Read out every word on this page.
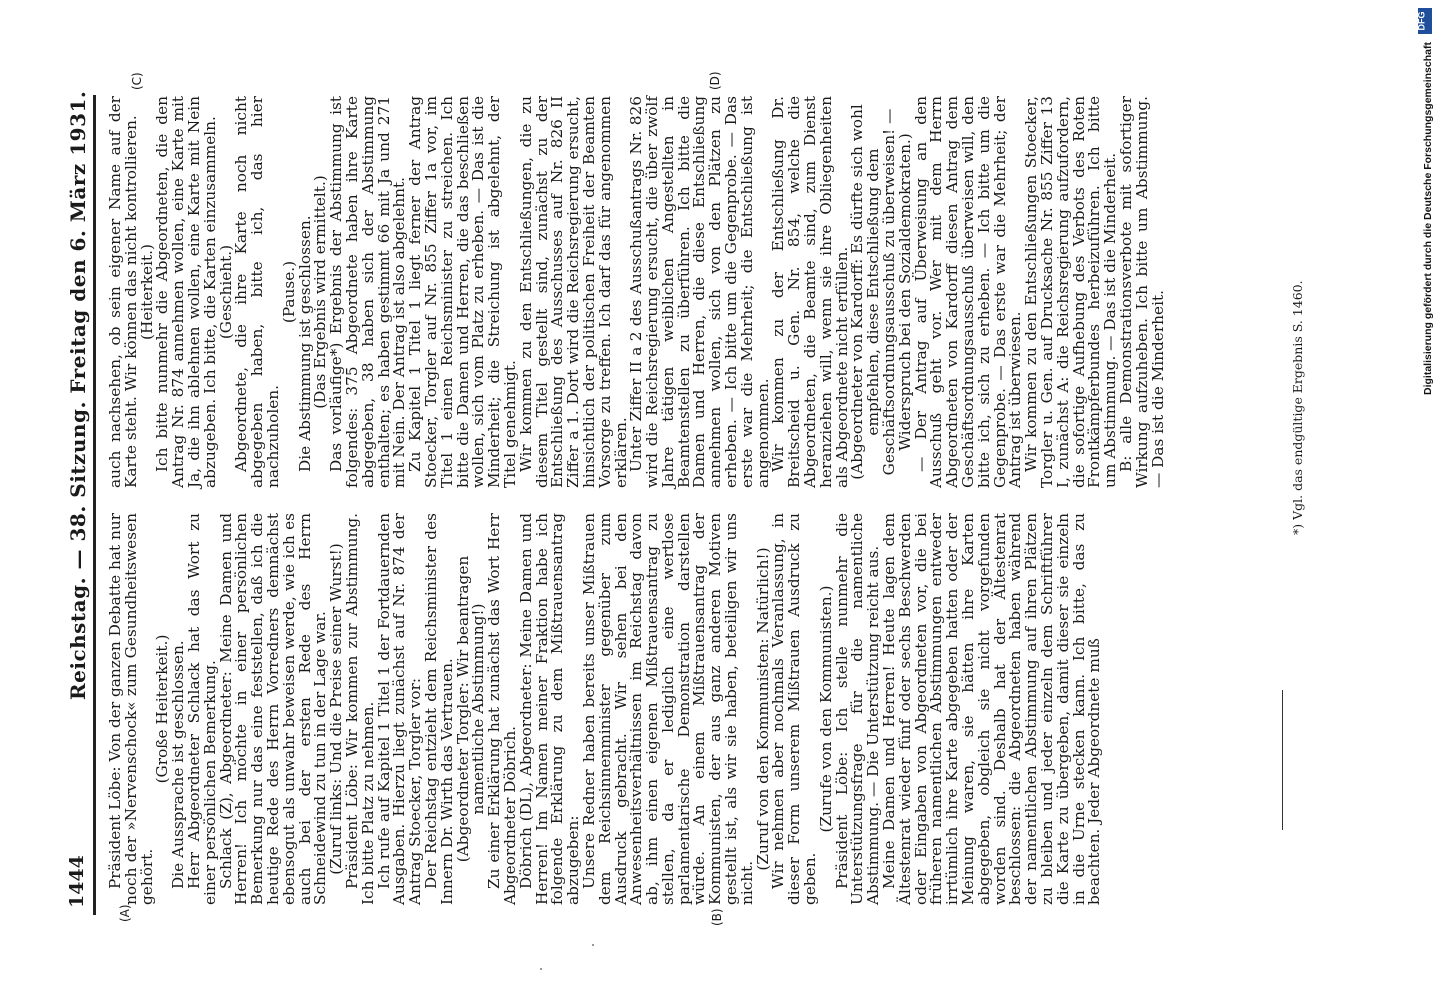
1444
Reichstag. — 38. Sitzung. Freitag den 6. März 1931.
(A)	(B)
(C)	(D)

Präsident Löbe: Von der ganzen Debatte hat nur noch der »Nervenschock« zum Gesundheitswesen gehört.

(Große Heiterkeit.)

Die Aussprache ist geschlossen.

Herr Abgeordneter Schlack hat das Wort zu einer persönlichen Bemerkung.

Schlack (Z), Abgeordneter: Meine Damen und Herren! Ich möchte in einer persönlichen Bemerkung nur das eine feststellen, daß ich die heutige Rede des Herrn Vorredners demnächst ebensogut als unwahr beweisen werde, wie ich es auch bei der ersten Rede des Herrn Schneidewind zu tun in der Lage war.

(Zuruf links: Und die Preise seiner Wurst!)

Präsident Löbe: Wir kommen zur Abstimmung. Ich bitte Platz zu nehmen.

Ich rufe auf Kapitel 1 Titel 1 der Fortdauernden Ausgaben. Hierzu liegt zunächst auf Nr. 874 der Antrag Stoecker, Torgler vor:

Der Reichstag entzieht dem Reichsminister des Innern Dr. Wirth das Vertrauen.

(Abgeordneter Torgler: Wir beantragen namentliche Abstimmung!)

Zu einer Erklärung hat zunächst das Wort Herr Abgeordneter Döbrich.

Döbrich (DL), Abgeordneter: Meine Damen und Herren! Im Namen meiner Fraktion habe ich folgende Erklärung zu dem Mißtrauensantrag abzugeben:

Unsere Redner haben bereits unser Mißtrauen dem Reichsinnenminister gegenüber zum Ausdruck gebracht. Wir sehen bei den Anwesenheitsverhältnissen im Reichstag davon ab, ihm einen eigenen Mißtrauensantrag zu stellen, da er lediglich eine wertlose parlamentarische Demonstration darstellen würde. An einem Mißtrauensantrag der Kommunisten, der aus ganz anderen Motiven gestellt ist, als wir sie haben, beteiligen wir uns nicht.

(Zuruf von den Kommunisten: Natürlich!)

Wir nehmen aber nochmals Veranlassung, in dieser Form unserem Mißtrauen Ausdruck zu geben.

(Zurufe von den Kommunisten.)

Präsident Löbe: Ich stelle nunmehr die Unterstützungsfrage für die namentliche Abstimmung. — Die Unterstützung reicht aus.

Meine Damen und Herren! Heute lagen dem Ältestenrat wieder fünf oder sechs Beschwerden oder Eingaben von Abgeordneten vor, die bei früheren namentlichen Abstimmungen entweder irrtümlich ihre Karte abgegeben hatten oder der Meinung waren, sie hätten ihre Karten abgegeben, obgleich sie nicht vorgefunden worden sind. Deshalb hat der Ältestenrat beschlossen: die Abgeordneten haben während der namentlichen Abstimmung auf ihren Plätzen zu bleiben und jeder einzeln dem Schriftführer die Karte zu übergeben, damit dieser sie einzeln in die Urne stecken kann. Ich bitte, das zu beachten. Jeder Abgeordnete muß

auch nachsehen, ob sein eigener Name auf der Karte steht. Wir können das nicht kontrollieren.

(Heiterkeit.)

Ich bitte nunmehr die Abgeordneten, die den Antrag Nr. 874 annehmen wollen, eine Karte mit Ja, die ihn ablehnen wollen, eine Karte mit Nein abzugeben. Ich bitte, die Karten einzusammeln.

(Geschieht.)

Abgeordnete, die ihre Karte noch nicht abgegeben haben, bitte ich, das hier nachzuholen.

(Pause.)

Die Abstimmung ist geschlossen.

(Das Ergebnis wird ermittelt.)

Das vorläufige*) Ergebnis der Abstimmung ist folgendes: 375 Abgeordnete haben ihre Karte abgegeben, 38 haben sich der Abstimmung enthalten; es haben gestimmt 66 mit Ja und 271 mit Nein. Der Antrag ist also abgelehnt.

Zu Kapitel 1 Titel 1 liegt ferner der Antrag Stoecker, Torgler auf Nr. 855 Ziffer 1a vor, im Titel 1 einen Reichsminister zu streichen. Ich bitte die Damen und Herren, die das beschließen wollen, sich vom Platz zu erheben. — Das ist die Minderheit; die Streichung ist abgelehnt, der Titel genehmigt.

Wir kommen zu den Entschließungen, die zu diesem Titel gestellt sind, zunächst zu der Entschließung des Ausschusses auf Nr. 826 II Ziffer a 1. Dort wird die Reichsregierung ersucht, hinsichtlich der politischen Freiheit der Beamten Vorsorge zu treffen. Ich darf das für angenommen erklären.

Unter Ziffer II a 2 des Ausschußantrags Nr. 826 wird die Reichsregierung ersucht, die über zwölf Jahre tätigen weiblichen Angestellten in Beamtenstellen zu überführen. Ich bitte die Damen und Herren, die diese Entschließung annehmen wollen, sich von den Plätzen zu erheben. — Ich bitte um die Gegenprobe. — Das erste war die Mehrheit; die Entschließung ist angenommen.

Wir kommen zu der Entschließung Dr. Breitscheid u. Gen. Nr. 854, welche die Abgeordneten, die Beamte sind, zum Dienst heranziehen will, wenn sie ihre Obliegenheiten als Abgeordnete nicht erfüllen.

(Abgeordneter von Kardorff: Es dürfte sich wohl empfehlen, diese Entschließung dem Geschäftsordnungsausschuß zu überweisen! — Widerspruch bei den Sozialdemokraten.)

— Der Antrag auf Überweisung an den Ausschuß geht vor. Wer mit dem Herrn Abgeordneten von Kardorff diesen Antrag dem Geschäftsordnungsausschuß überweisen will, den bitte ich, sich zu erheben. — Ich bitte um die Gegenprobe. — Das erste war die Mehrheit; der Antrag ist überwiesen.

Wir kommen zu den Entschließungen Stoecker, Torgler u. Gen. auf Drucksache Nr. 855 Ziffer 13 I, zunächst A: die Reichsregierung aufzufordern, die sofortige Aufhebung des Verbots des Roten Frontkämpferbundes herbeizuführen. Ich bitte um Abstimmung. — Das ist die Minderheit.

B: alle Demonstrationsverbote mit sofortiger Wirkung aufzuheben. Ich bitte um Abstimmung. — Das ist die Minderheit.	*) Vgl. das endgültige Ergebnis S. 1460.
Digitalisierung gefördert durch die Deutsche Forschungsgemeinschaft
DFG
